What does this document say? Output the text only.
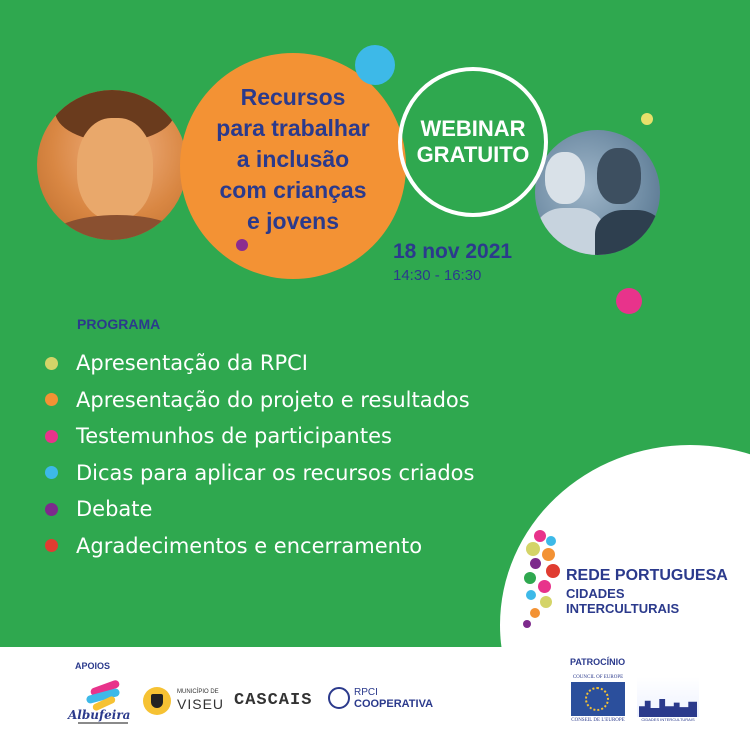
WEBINAR
GRATUITO
Recursos
para trabalhar
a inclusão
com crianças
e jovens
18 nov 2021
14:30 - 16:30
PROGRAMA
Apresentação da RPCI
Apresentação do projeto e resultados
Testemunhos de participantes
Dicas para aplicar os recursos criados
Debate
Agradecimentos e encerramento
REDE PORTUGUESA
CIDADES INTERCULTURAIS
APOIOS	PATROCÍNIO
Albufeira
MUNICÍPIO DE
VISEU CASCAIS	RPCI
COOPERATIVA
COUNCIL OF EUROPE
CONSEIL DE L'EUROPE	CIDADES INTERCULTURAIS
